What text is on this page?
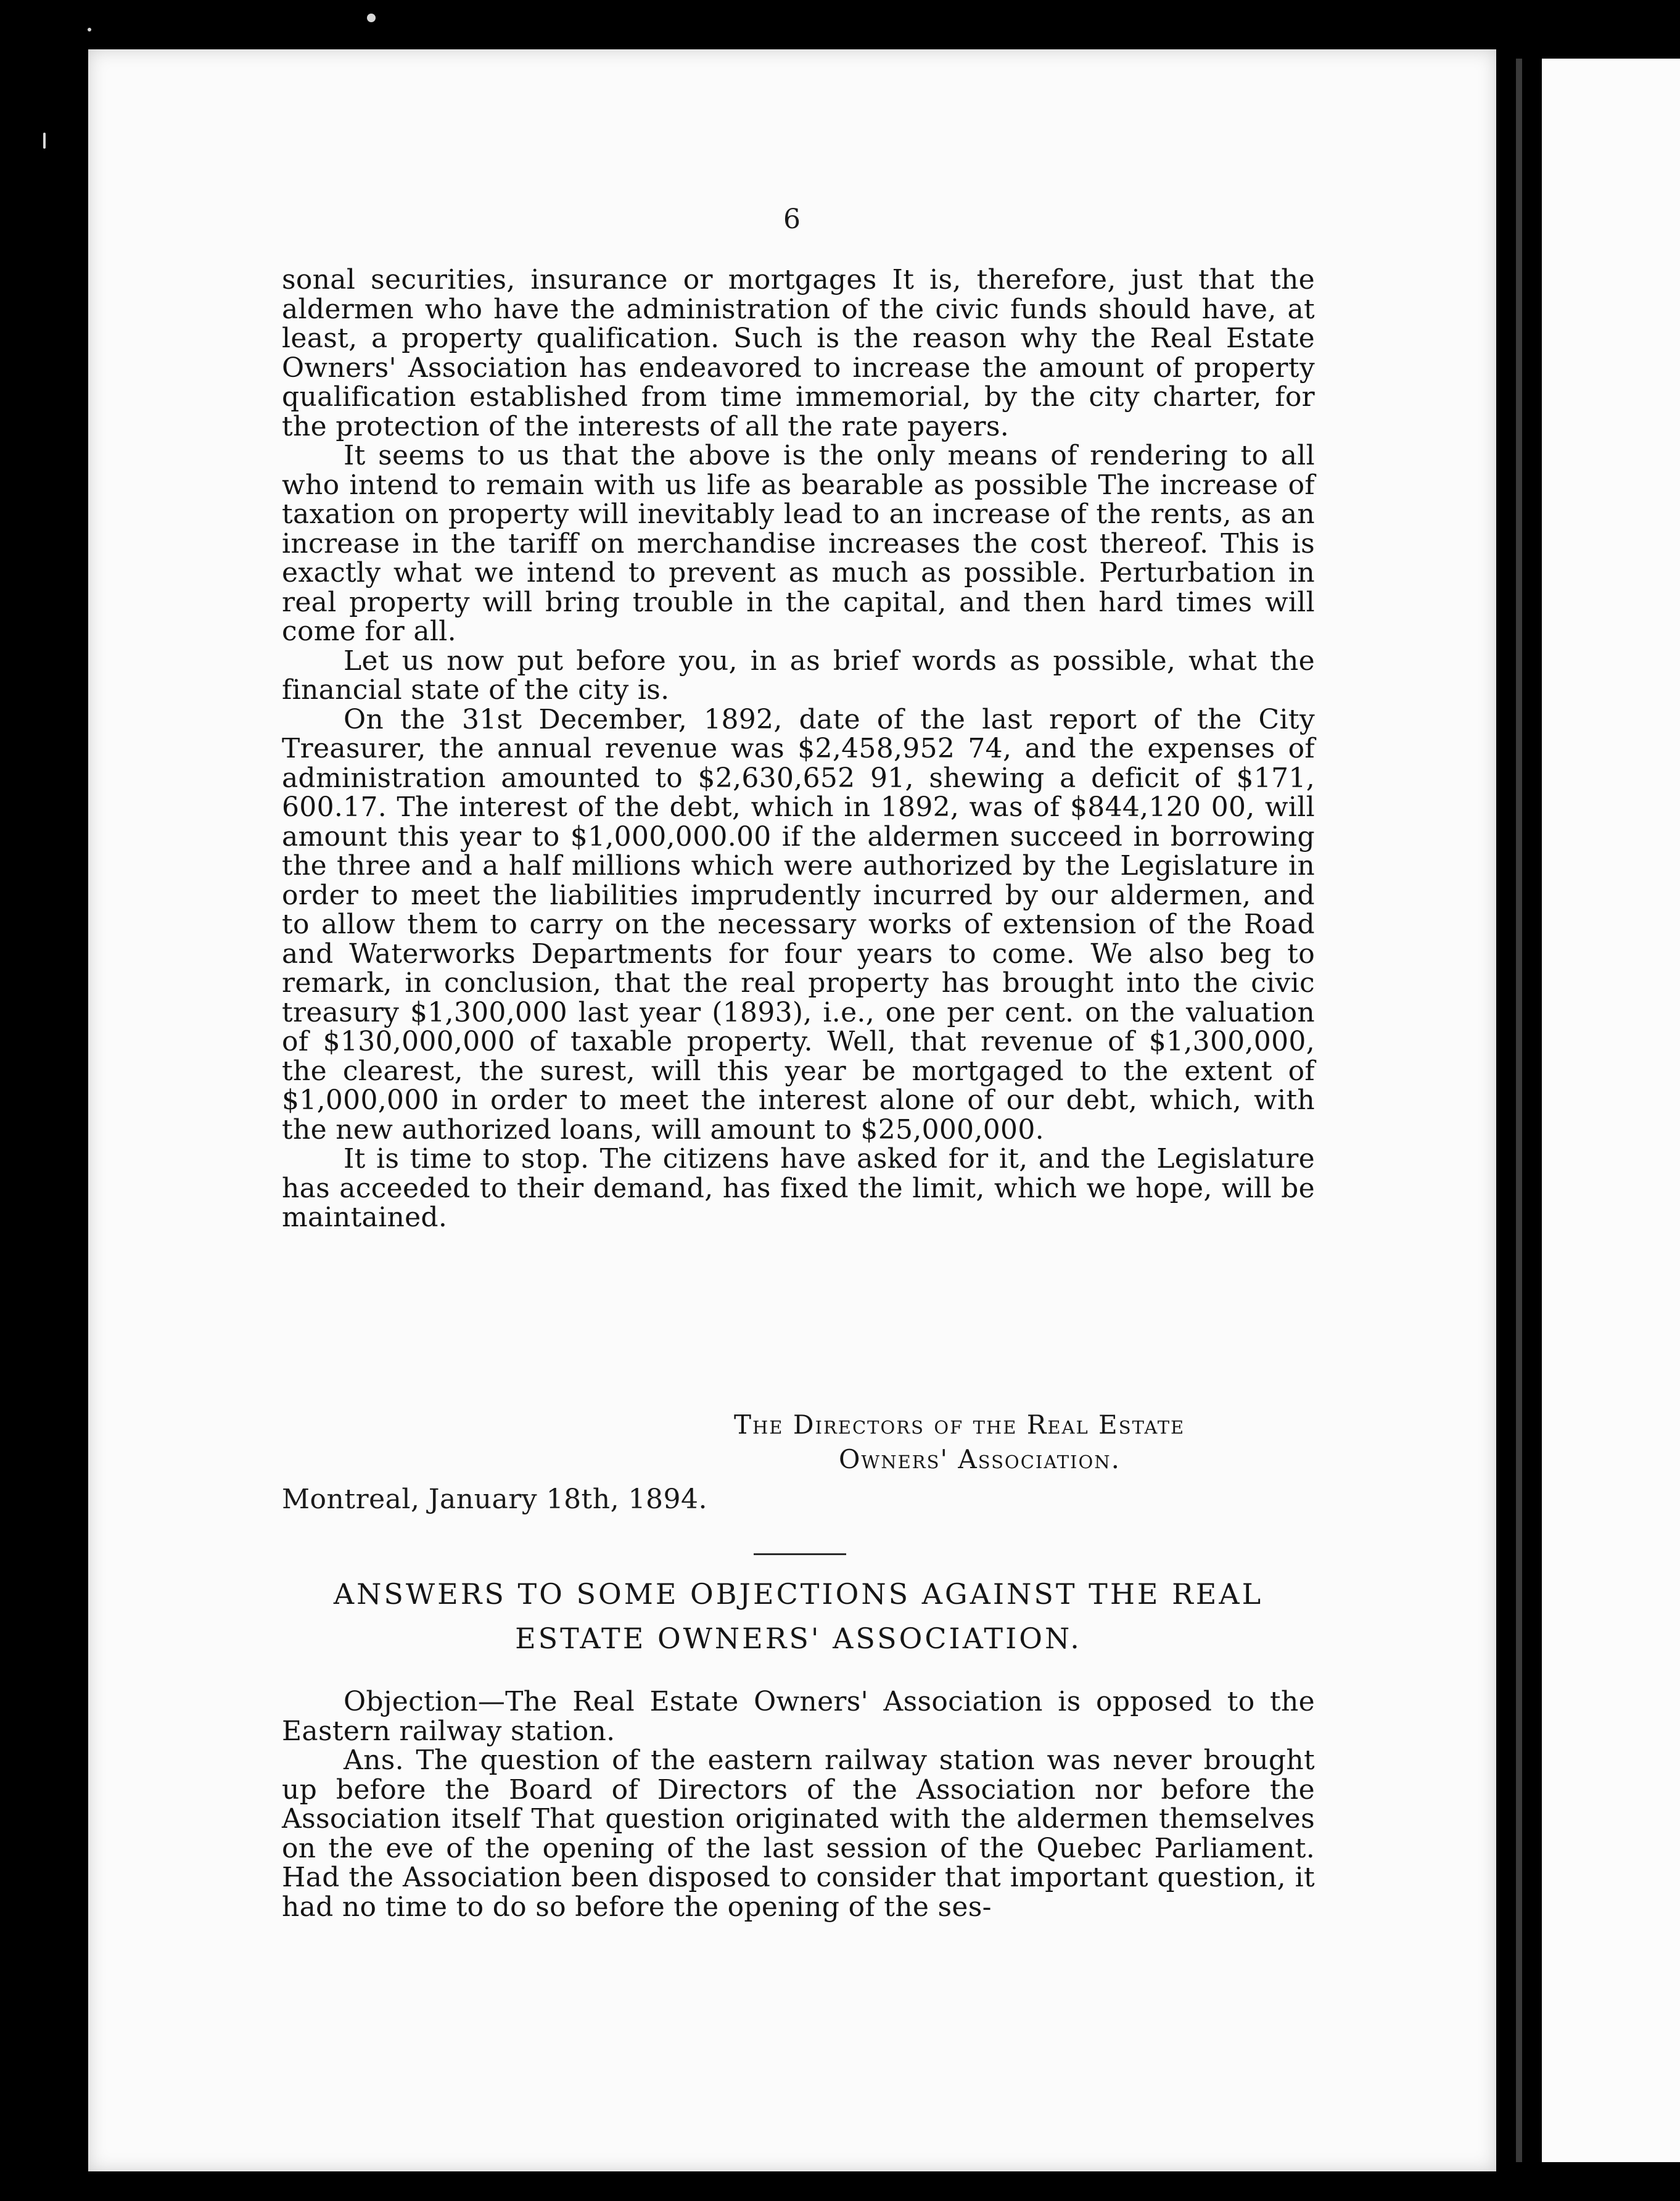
6

sonal securities, insurance or mortgages It is, therefore, just that the aldermen who have the administration of the civic funds should have, at least, a property qualification. Such is the reason why the Real Estate Owners' Association has endeavored to increase the amount of property qualification established from time immemorial, by the city charter, for the protection of the interests of all the rate payers.

It seems to us that the above is the only means of rendering to all who intend to remain with us life as bearable as possible The increase of taxation on property will inevitably lead to an increase of the rents, as an increase in the tariff on merchandise increases the cost thereof. This is exactly what we intend to prevent as much as possible. Perturbation in real property will bring trouble in the capital, and then hard times will come for all.

Let us now put before you, in as brief words as possible, what the financial state of the city is.

On the 31st December, 1892, date of the last report of the City Treasurer, the annual revenue was $2,458,952 74, and the expenses of administration amounted to $2,630,652 91, shewing a deficit of $171, 600.17. The interest of the debt, which in 1892, was of $844,120 00, will amount this year to $1,000,000.00 if the aldermen succeed in borrowing the three and a half millions which were authorized by the Legislature in order to meet the liabilities imprudently incurred by our aldermen, and to allow them to carry on the necessary works of extension of the Road and Waterworks Departments for four years to come. We also beg to remark, in conclusion, that the real property has brought into the civic treasury $1,300,000 last year (1893), i.e., one per cent. on the valuation of $130,000,000 of taxable property. Well, that revenue of $1,300,000, the clearest, the surest, will this year be mortgaged to the extent of $1,000,000 in order to meet the interest alone of our debt, which, with the new authorized loans, will amount to $25,000,000.

It is time to stop. The citizens have asked for it, and the Legislature has acceeded to their demand, has fixed the limit, which we hope, will be maintained.

The Directors of the Real Estate
Owners' Association.
Montreal, January 18th, 1894.
ANSWERS TO SOME OBJECTIONS AGAINST THE REAL
ESTATE OWNERS' ASSOCIATION.

Objection—The Real Estate Owners' Association is opposed to the Eastern railway station.

Ans. The question of the eastern railway station was never brought up before the Board of Directors of the Association nor before the Association itself That question originated with the aldermen themselves on the eve of the opening of the last session of the Quebec Parliament. Had the Association been disposed to consider that important question, it had no time to do so before the opening of the ses-
